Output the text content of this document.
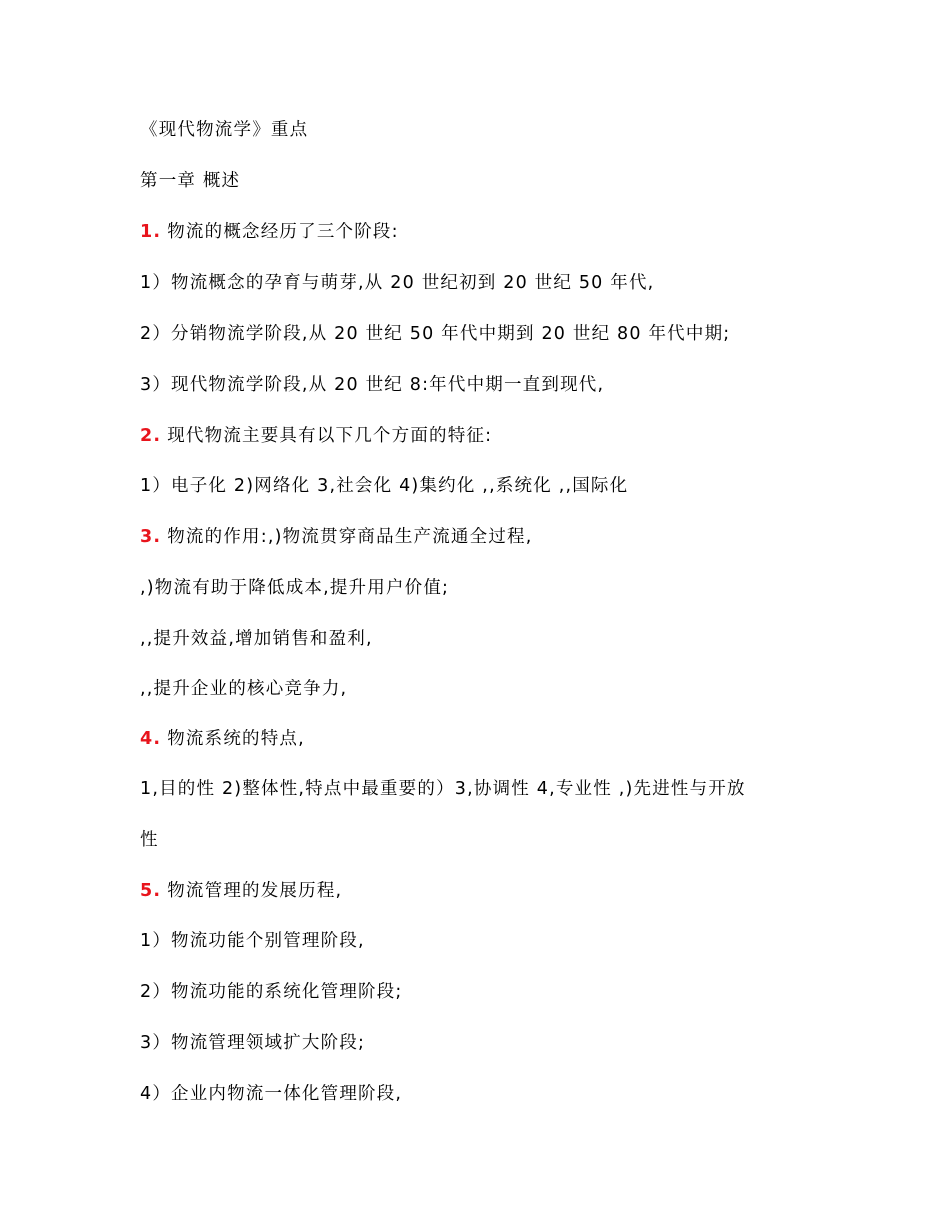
《现代物流学》重点
第一章 概述
1. 物流的概念经历了三个阶段:
1）物流概念的孕育与萌芽,从 20 世纪初到 20 世纪 50 年代,
2）分销物流学阶段,从 20 世纪 50 年代中期到 20 世纪 80 年代中期;
3）现代物流学阶段,从 20 世纪 8:年代中期一直到现代,
2. 现代物流主要具有以下几个方面的特征:
1）电子化 2)网络化 3,社会化 4)集约化 ,,系统化 ,,国际化
3. 物流的作用:,)物流贯穿商品生产流通全过程,
,)物流有助于降低成本,提升用户价值;
,,提升效益,增加销售和盈利,
,,提升企业的核心竞争力,
4. 物流系统的特点,
1,目的性 2)整体性,特点中最重要的）3,协调性 4,专业性 ,)先进性与开放
性
5. 物流管理的发展历程,
1）物流功能个别管理阶段,
2）物流功能的系统化管理阶段;
3）物流管理领域扩大阶段;
4）企业内物流一体化管理阶段,
